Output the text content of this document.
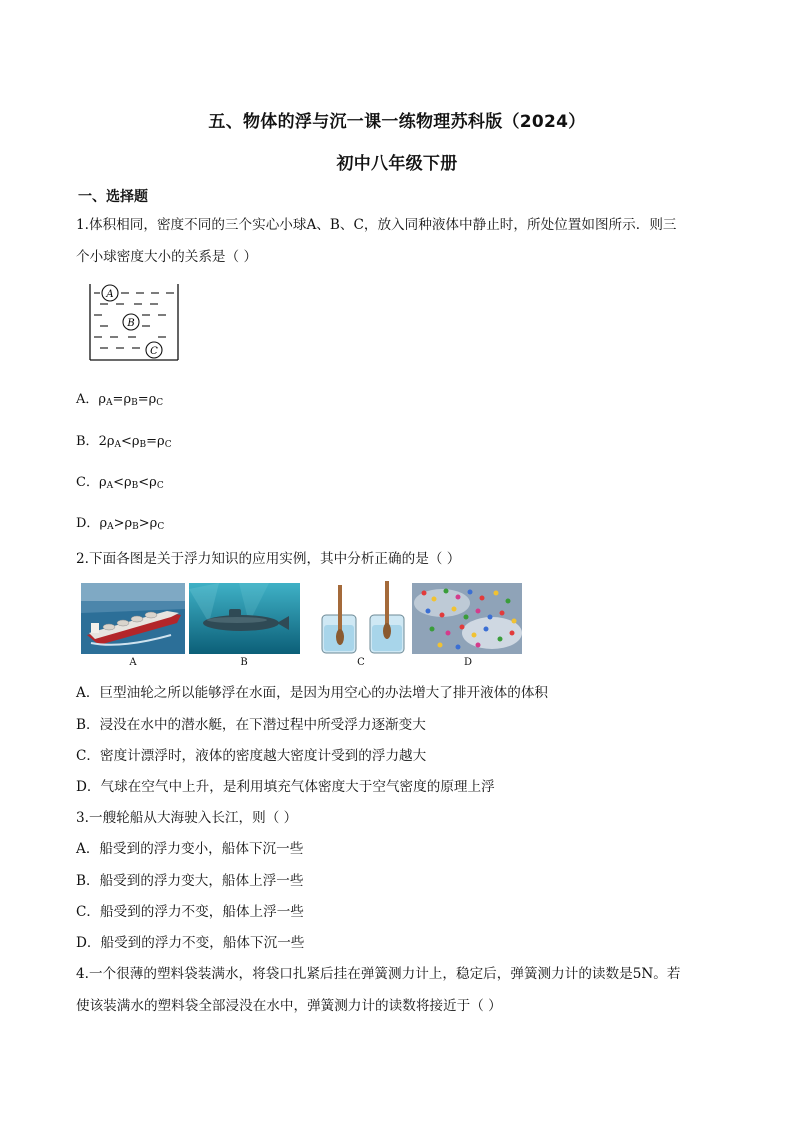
五、物体的浮与沉一课一练物理苏科版（2024）
初中八年级下册
一、选择题
1.体积相同，密度不同的三个实心小球A、B、C，放入同种液体中静止时，所处位置如图所示．则三
个小球密度大小的关系是（ ）
A
B
C
A．$\rho_A=\rho_B=\rho_C$
B．$2\rho_A<\rho_B=\rho_C$
C．$\rho_A<\rho_B<\rho_C$
D．$\rho_A>\rho_B>\rho_C$
2.下面各图是关于浮力知识的应用实例，其中分析正确的是（ ）
A	B	C	D
A．巨型油轮之所以能够浮在水面，是因为用空心的办法增大了排开液体的体积
B．浸没在水中的潜水艇，在下潜过程中所受浮力逐渐变大
C．密度计漂浮时，液体的密度越大密度计受到的浮力越大
D．气球在空气中上升，是利用填充气体密度大于空气密度的原理上浮
3.一艘轮船从大海驶入长江，则（ ）
A．船受到的浮力变小，船体下沉一些
B．船受到的浮力变大，船体上浮一些
C．船受到的浮力不变，船体上浮一些
D．船受到的浮力不变，船体下沉一些
4.一个很薄的塑料袋装满水，将袋口扎紧后挂在弹簧测力计上，稳定后，弹簧测力计的读数是5N。若
使该装满水的塑料袋全部浸没在水中，弹簧测力计的读数将接近于（ ）
